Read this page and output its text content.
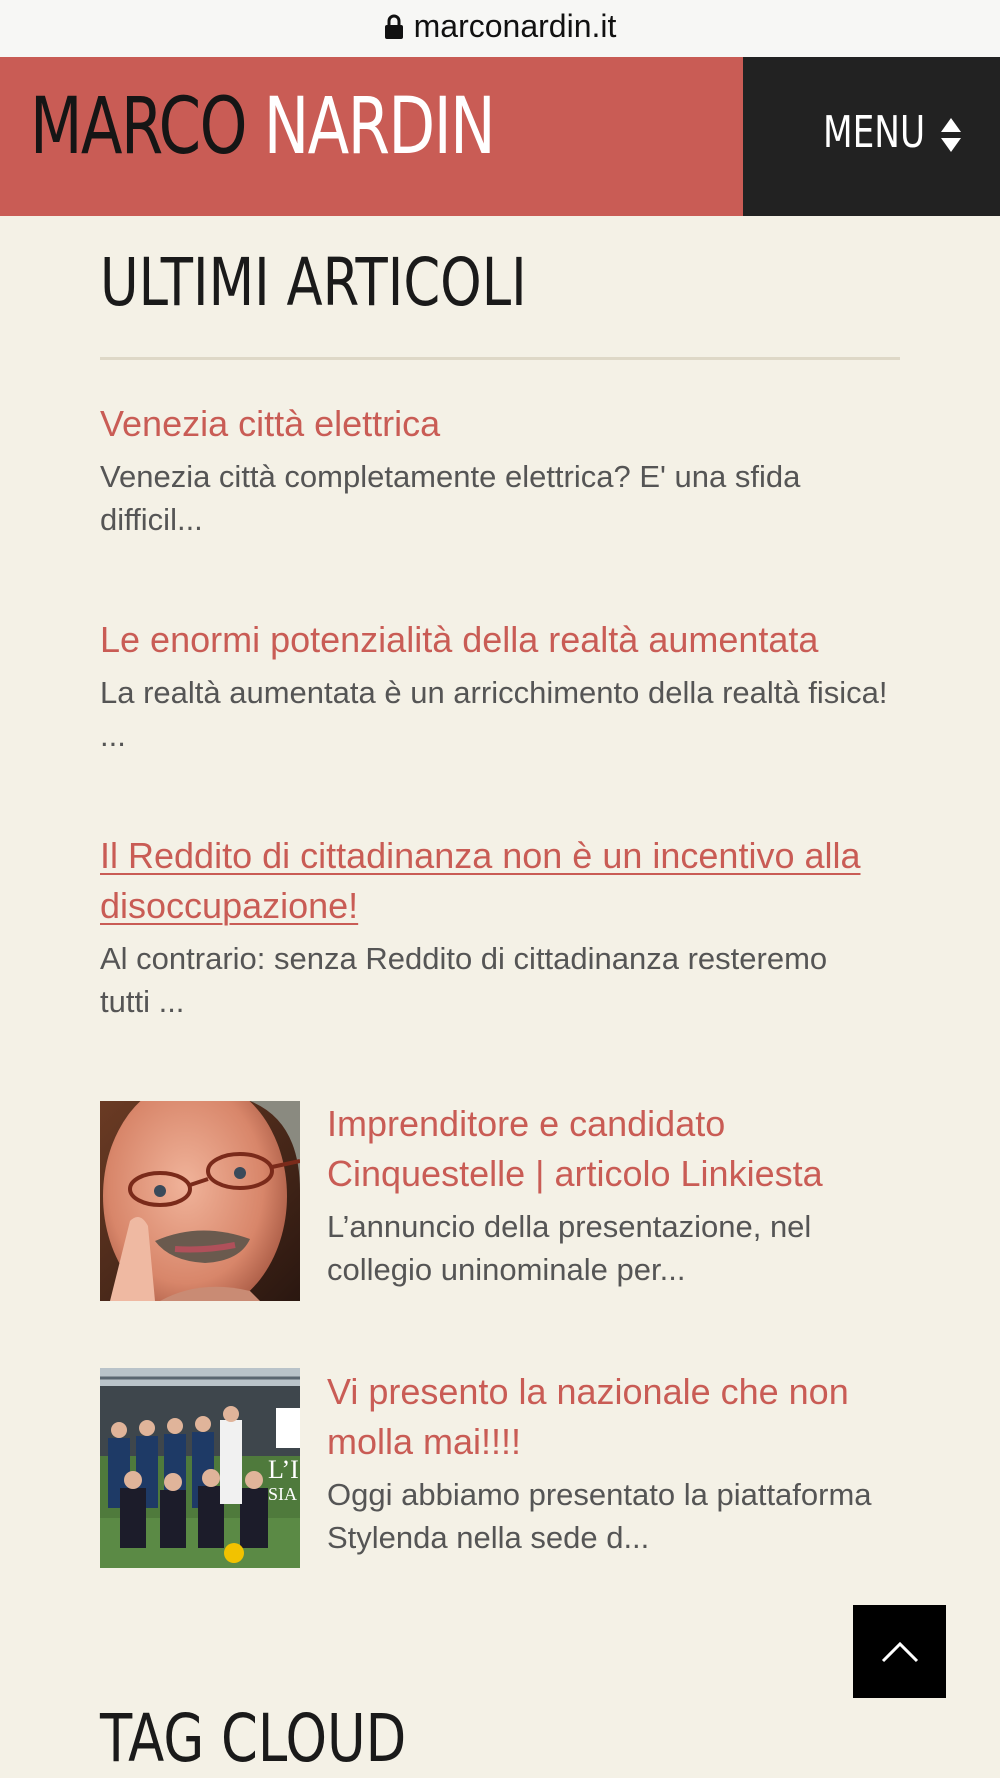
marconardin.it
MARCO NARDIN	MENU
ULTIMI ARTICOLI
Venezia città elettrica

Venezia città completamente elettrica? E' una sfida difficil...

Le enormi potenzialità della realtà aumentata

La realtà aumentata è un arricchimento della realtà fisica! ...

Il Reddito di cittadinanza non è un incentivo alla disoccupazione!

Al contrario: senza Reddito di cittadinanza resteremo tutti ...

Imprenditore e candidato Cinquestelle | articolo Linkiesta

L’annuncio della presentazione, nel collegio uninominale per...

L’I
SIA
Vi presento la nazionale che non molla mai!!!!

Oggi abbiamo presentato la piattaforma Stylenda nella sede d...

TAG CLOUD
